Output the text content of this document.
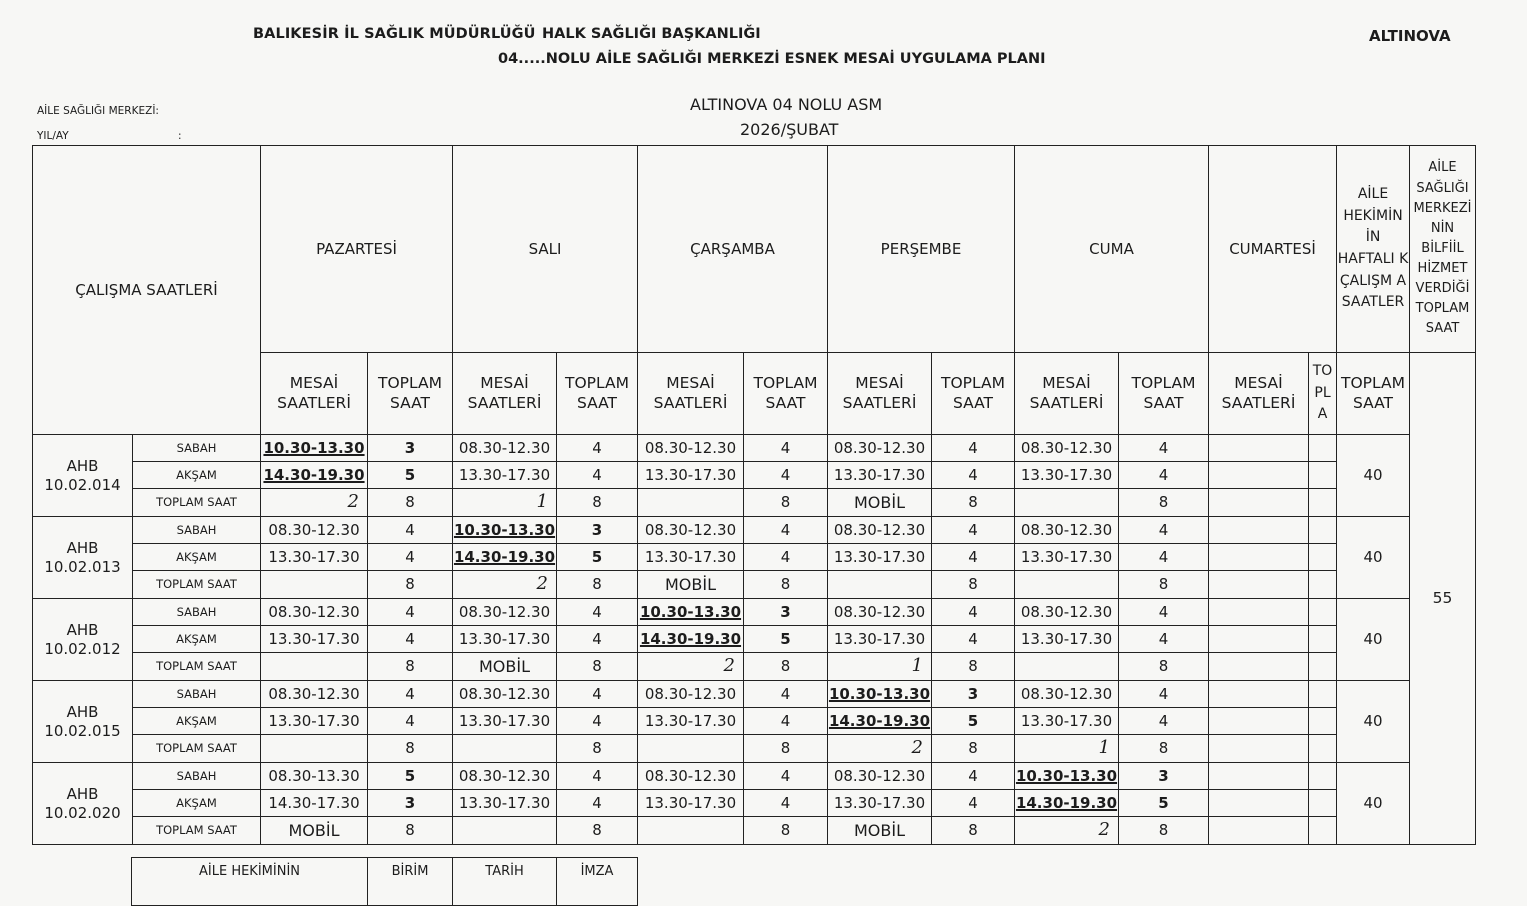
BALIKESİR İL SAĞLIK MÜDÜRLÜĞÜ HALK SAĞLIĞI BAŞKANLIĞI
04.....NOLU AİLE SAĞLIĞI MERKEZİ ESNEK MESAİ UYGULAMA PLANI
ALTINOVA
AİLE SAĞLIĞI MERKEZİ:
YIL/AY	:
ALTINOVA 04 NOLU ASM
2026/ŞUBAT
ÇALIŞMA SAATLERİ		PAZARTESİ		SALI		ÇARŞAMBA		PERŞEMBE		CUMA		CUMARTESİ		AİLE HEKİMİN İN HAFTALI K ÇALIŞM A SAATLER	AİLE SAĞLIĞI MERKEZİ NİN BİLFİİL HİZMET VERDİĞİ TOPLAM SAAT
		MESAİ SAATLERİ	TOPLAM SAAT	MESAİ SAATLERİ	TOPLAM SAAT	MESAİ SAATLERİ	TOPLAM SAAT	MESAİ SAATLERİ	TOPLAM SAAT	MESAİ SAATLERİ	TOPLAM SAAT	MESAİ SAATLERİ	TO PL A	TOPLAM SAAT	55
AHB 10.02.014	SABAH	10.30-13.30	3	08.30-12.30	4	08.30-12.30	4	08.30-12.30	4	08.30-12.30	4			40	
	AKŞAM	14.30-19.30	5	13.30-17.30	4	13.30-17.30	4	13.30-17.30	4	13.30-17.30	4				
	TOPLAM SAAT	2	8	1	8		8	MOBİL	8		8				
AHB 10.02.013	SABAH	08.30-12.30	4	10.30-13.30	3	08.30-12.30	4	08.30-12.30	4	08.30-12.30	4			40	
	AKŞAM	13.30-17.30	4	14.30-19.30	5	13.30-17.30	4	13.30-17.30	4	13.30-17.30	4				
	TOPLAM SAAT		8	2	8	MOBİL	8		8		8				
AHB 10.02.012	SABAH	08.30-12.30	4	08.30-12.30	4	10.30-13.30	3	08.30-12.30	4	08.30-12.30	4			40	
	AKŞAM	13.30-17.30	4	13.30-17.30	4	14.30-19.30	5	13.30-17.30	4	13.30-17.30	4				
	TOPLAM SAAT		8	MOBİL	8	2	8	1	8		8				
AHB 10.02.015	SABAH	08.30-12.30	4	08.30-12.30	4	08.30-12.30	4	10.30-13.30	3	08.30-12.30	4			40	
	AKŞAM	13.30-17.30	4	13.30-17.30	4	13.30-17.30	4	14.30-19.30	5	13.30-17.30	4				
	TOPLAM SAAT		8		8		8	2	8	1	8				
AHB 10.02.020	SABAH	08.30-13.30	5	08.30-12.30	4	08.30-12.30	4	08.30-12.30	4	10.30-13.30	3			40	
	AKŞAM	14.30-17.30	3	13.30-17.30	4	13.30-17.30	4	13.30-17.30	4	14.30-19.30	5				
	TOPLAM SAAT	MOBİL	8		8		8	MOBİL	8	2	8				
AİLE HEKİMİNİN	BİRİM	TARİH	İMZA
